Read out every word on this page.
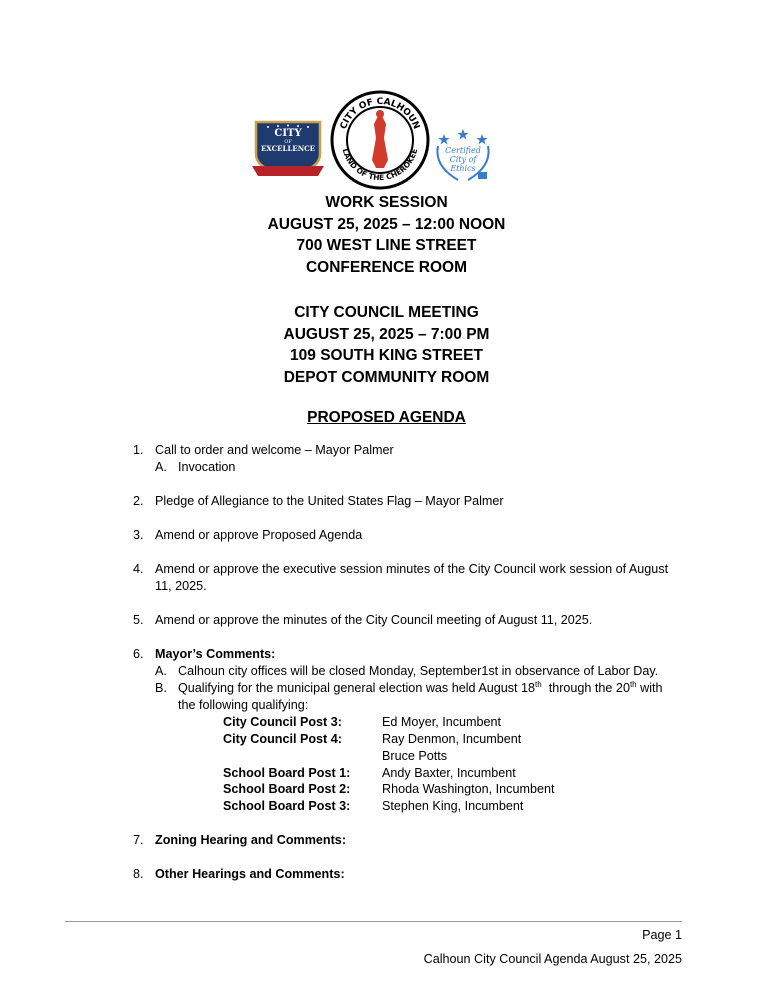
CITY
OF
EXCELLENCE
CITY OF CALHOUN
LAND OF THE CHEROKEE	Certified
City of
Ethics
WORK SESSION
AUGUST 25, 2025 – 12:00 NOON
700 WEST LINE STREET
CONFERENCE ROOM
CITY COUNCIL MEETING
AUGUST 25, 2025 – 7:00 PM
109 SOUTH KING STREET
DEPOT COMMUNITY ROOM
PROPOSED AGENDA
1. Call to order and welcome – Mayor Palmer
A. Invocation
2. Pledge of Allegiance to the United States Flag – Mayor Palmer
3. Amend or approve Proposed Agenda
4. Amend or approve the executive session minutes of the City Council work session of August
11, 2025.
5. Amend or approve the minutes of the City Council meeting of August 11, 2025.
6. Mayor’s Comments:
A. Calhoun city offices will be closed Monday, September1st in observance of Labor Day.
B. Qualifying for the municipal general election was held August 18th  through the 20th with
the following qualifying:
City Council Post 3:	Ed Moyer, Incumbent
City Council Post 4:	Ray Denmon, Incumbent
Bruce Potts
School Board Post 1:	Andy Baxter, Incumbent
School Board Post 2:	Rhoda Washington, Incumbent
School Board Post 3:	Stephen King, Incumbent
7. Zoning Hearing and Comments:
8. Other Hearings and Comments:
Page 1
Calhoun City Council Agenda August 25, 2025
